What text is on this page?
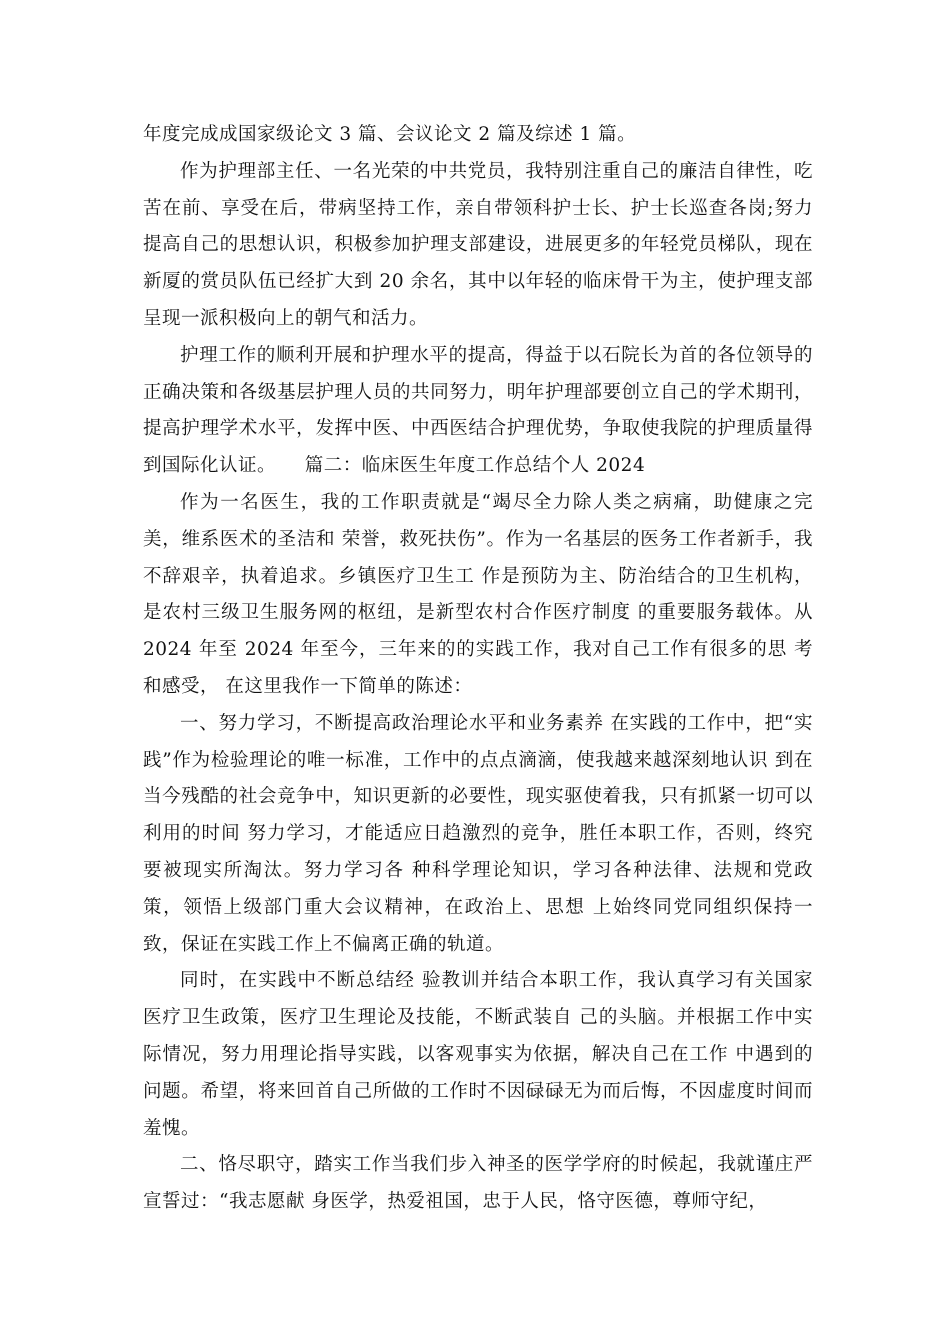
年度完成成国家级论文 3 篇、会议论文 2 篇及综述 1 篇。

作为护理部主任、一名光荣的中共党员，我特别注重自己的廉洁自律性，吃苦在前、享受在后，带病坚持工作，亲自带领科护士长、护士长巡查各岗;努力提高自己的思想认识，积极参加护理支部建设，进展更多的年轻党员梯队，现在新厦的赏员队伍已经扩大到 20 余名，其中以年轻的临床骨干为主，使护理支部呈现一派积极向上的朝气和活力。

护理工作的顺利开展和护理水平的提高，得益于以石院长为首的各位领导的正确决策和各级基层护理人员的共同努力，明年护理部要创立自己的学术期刊，提高护理学术水平，发挥中医、中西医结合护理优势，争取使我院的护理质量得到国际化认证。　　篇二：临床医生年度工作总结个人 2024

作为一名医生，我的工作职责就是“竭尽全力除人类之病痛，助健康之完美，维系医术的圣洁和 荣誉，救死扶伤”。作为一名基层的医务工作者新手，我不辞艰辛，执着追求。乡镇医疗卫生工 作是预防为主、防治结合的卫生机构，是农村三级卫生服务网的枢纽，是新型农村合作医疗制度 的重要服务载体。从 2024 年至 2024 年至今，三年来的的实践工作，我对自己工作有很多的思 考和感受， 在这里我作一下简单的陈述：

一、努力学习，不断提高政治理论水平和业务素养 在实践的工作中，把“实践”作为检验理论的唯一标准，工作中的点点滴滴，使我越来越深刻地认识 到在当今残酷的社会竞争中，知识更新的必要性，现实驱使着我，只有抓紧一切可以利用的时间 努力学习，才能适应日趋激烈的竞争，胜任本职工作，否则，终究要被现实所淘汰。努力学习各 种科学理论知识，学习各种法律、法规和党政策，领悟上级部门重大会议精神，在政治上、思想 上始终同党同组织保持一致，保证在实践工作上不偏离正确的轨道。

同时，在实践中不断总结经 验教训并结合本职工作，我认真学习有关国家医疗卫生政策，医疗卫生理论及技能，不断武装自 己的头脑。并根据工作中实际情况，努力用理论指导实践，以客观事实为依据，解决自己在工作 中遇到的问题。希望，将来回首自己所做的工作时不因碌碌无为而后悔，不因虚度时间而羞愧。

二、恪尽职守，踏实工作当我们步入神圣的医学学府的时候起，我就谨庄严宣誓过：“我志愿献 身医学，热爱祖国，忠于人民，恪守医德，尊师守纪，
